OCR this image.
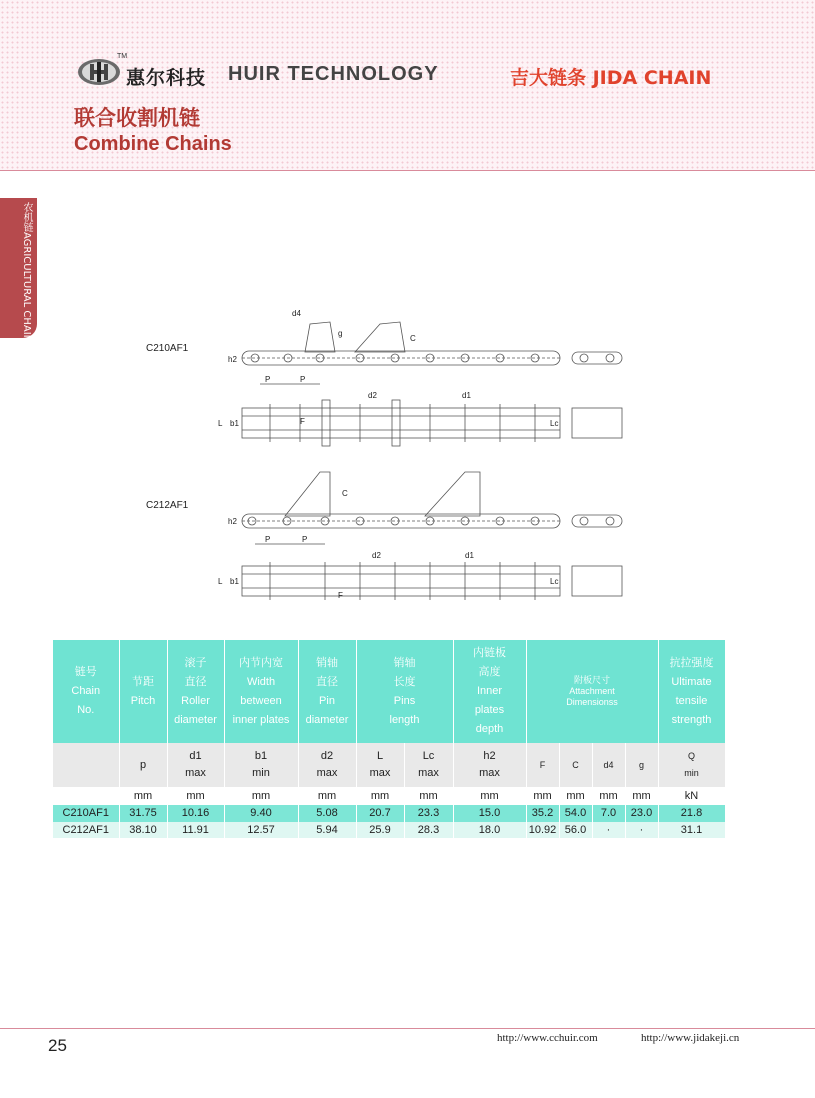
TM
惠尔科技 HUIR TECHNOLOGY	吉大链条 JIDA CHAIN
联合收割机链
Combine Chains
农机链AGRICULTURAL CHAINS	C210AF1
C212AF1
d4
g
C
h2
P	P
d2	d1
L b1	F	Lc
C
h2
P	P
d2	d1
L b1
F
Lc
链号
Chain
No.	节距
Pitch	滚子
直径
Roller
diameter	内节内宽
Width
between
inner plates	销轴
直径
Pin
diameter	销轴
长度
Pins
length		内链板
高度
Inner
plates
depth	附板尺寸
Attachment
Dimensionss				抗拉强度
Ultimate
tensile
strength
	p	d1
max	b1
min	d2
max	L
max	Lc
max	h2
max	F	C	d4	g	Q
min
	mm	mm	mm	mm	mm	mm	mm	mm	mm	mm	mm	kN
C210AF1	31.75	10.16	9.40	5.08	20.7	23.3	15.0	35.2	54.0	7.0	23.0	21.8
C212AF1	38.10	11.91	12.57	5.94	25.9	28.3	18.0	10.92	56.0	·	·	31.1
25	http://www.cchuir.com	http://www.jidakeji.cn
